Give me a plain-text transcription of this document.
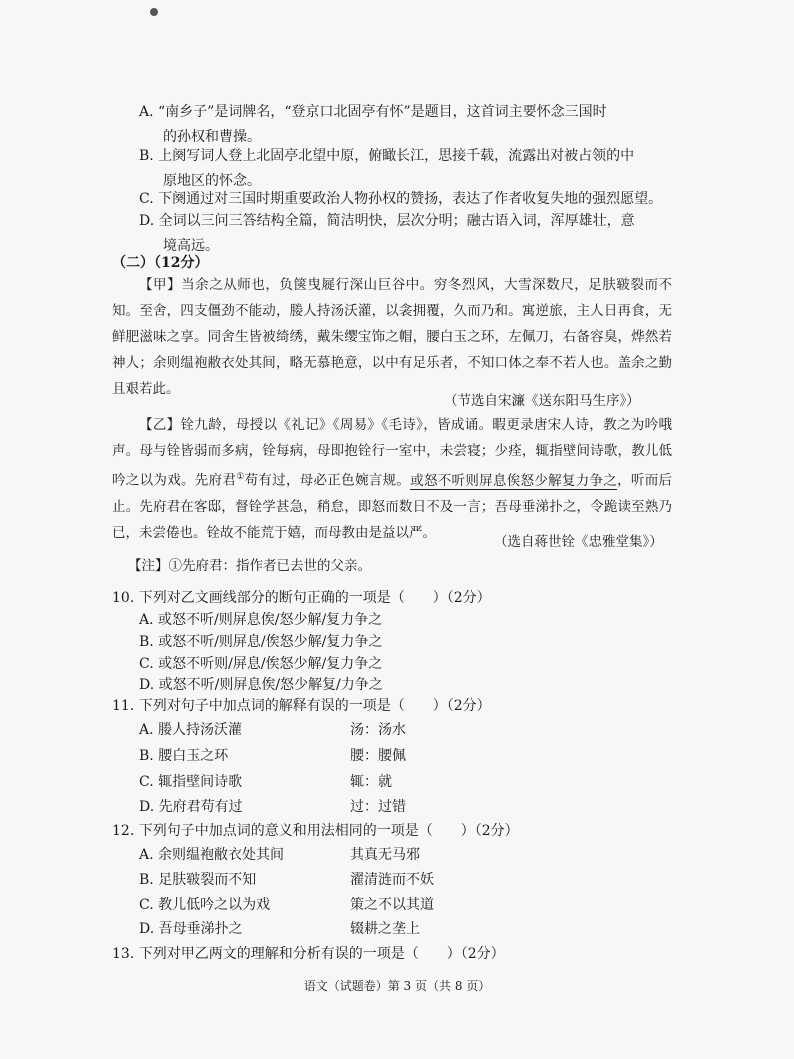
A. “南乡子”是词牌名，“登京口北固亭有怀”是题目，这首词主要怀念三国时
的孙权和曹操。
B. 上阕写词人登上北固亭北望中原，俯瞰长江，思接千载，流露出对被占领的中
原地区的怀念。
C. 下阕通过对三国时期重要政治人物孙权的赞扬，表达了作者收复失地的强烈愿望。
D. 全词以三问三答结构全篇，简洁明快，层次分明；融古语入词，浑厚雄壮，意
境高远。
（二）（12分）
【甲】当余之从师也，负箧曳屣行深山巨谷中。穷冬烈风，大雪深数尺，足肤皲裂而不知。至舍，四支僵劲不能动，媵人持汤沃灌，以衾拥覆，久而乃和。寓逆旅，主人日再食，无鲜肥滋味之享。同舍生皆被绮绣，戴朱缨宝饰之帽，腰白玉之环，左佩刀，右备容臭，烨然若神人；余则缊袍敝衣处其间，略无慕艳意，以中有足乐者，不知口体之奉不若人也。盖余之勤且艰若此。
（节选自宋濂《送东阳马生序》）
【乙】铨九龄，母授以《礼记》《周易》《毛诗》，皆成诵。暇更录唐宋人诗，教之为吟哦声。母与铨皆弱而多病，铨每病，母即抱铨行一室中，未尝寝；少痊，辄指壁间诗歌，教儿低吟之以为戏。先府君①苟有过，母必正色婉言规。或怒不听则屏息俟怒少解复力争之，听而后止。先府君在客邸，督铨学甚急，稍怠，即怒而数日不及一言；吾母垂涕扑之，令跪读至熟乃已，未尝倦也。铨故不能荒于嬉，而母教由是益以严。
（选自蒋世铨《忠雅堂集》）
【注】①先府君：指作者已去世的父亲。
10. 下列对乙文画线部分的断句正确的一项是（　　）（2分）
A. 或怒不听/则屏息俟/怒少解/复力争之
B. 或怒不听/则屏息/俟怒少解/复力争之
C. 或怒不听则/屏息/俟怒少解/复力争之
D. 或怒不听/则屏息俟/怒少解复/力争之
11. 下列对句子中加点词的解释有误的一项是（　　）（2分）
A. 媵人持汤沃灌	汤：汤水
B. 腰白玉之环	腰：腰佩
C. 辄指壁间诗歌	辄：就
D. 先府君苟有过	过：过错
12. 下列句子中加点词的意义和用法相同的一项是（　　）（2分）
A. 余则缊袍敝衣处其间	其真无马邪
B. 足肤皲裂而不知	濯清涟而不妖
C. 教儿低吟之以为戏	策之不以其道
D. 吾母垂涕扑之	辍耕之垄上
13. 下列对甲乙两文的理解和分析有误的一项是（　　）（2分）
语文（试题卷）第 3 页（共 8 页）
